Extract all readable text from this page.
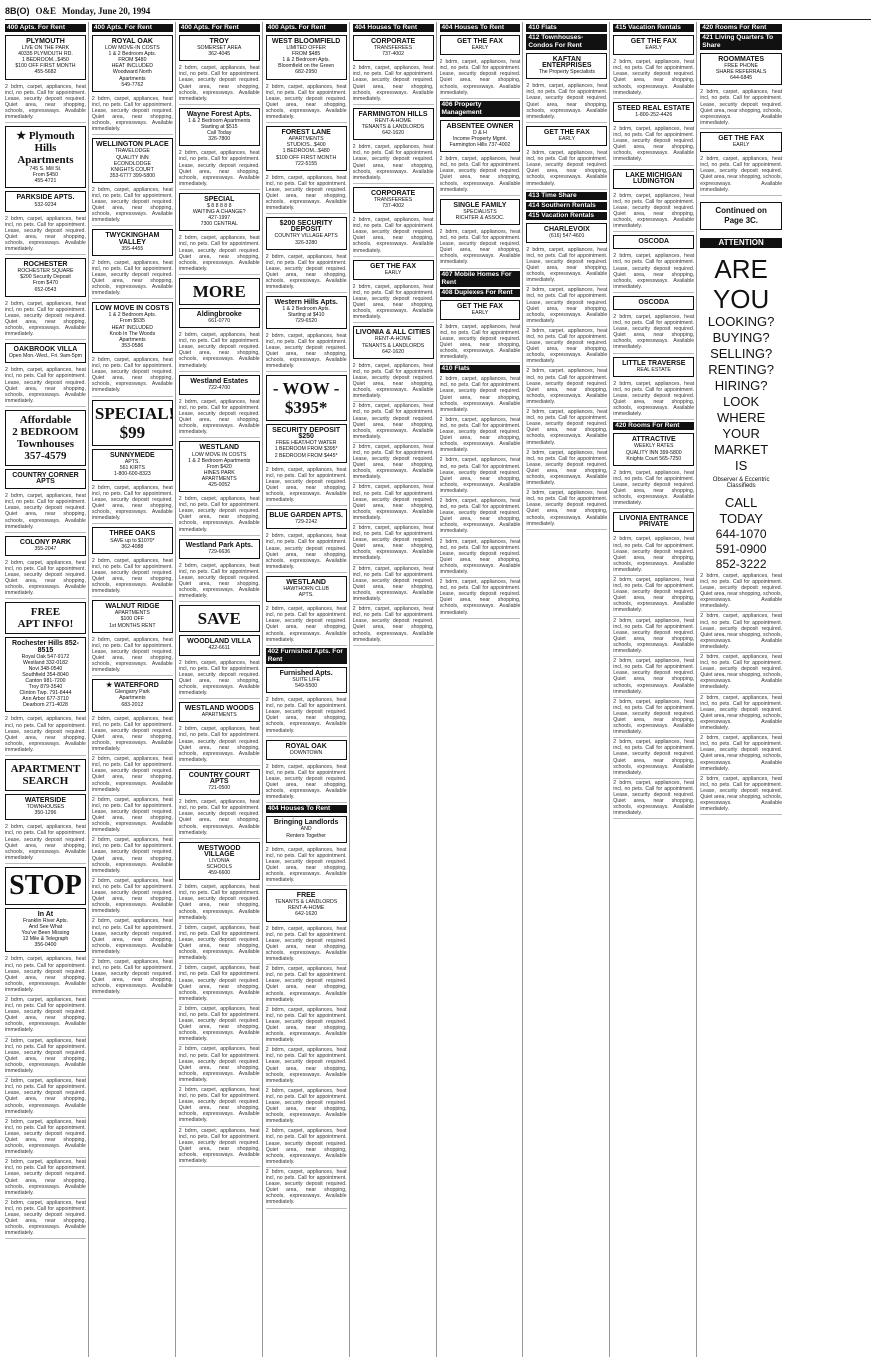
8B(O) O&E Monday, June 20, 1994
400 Apts. For Rent
PLYMOUTH
LIVE ON THE PARK
40335 PLYMOUTH RD.
1 BEDROOM...$450
$100 OFF FIRST MONTH
455-5682
2 bdrm, carpet, appliances, heat incl, no pets. Call for appointment. Lease, security deposit required. Quiet area, near shopping, schools, expressways. Available immediately.
★ Plymouth Hills Apartments
745 S. Mill St.
From $450
455-4721
PARKSIDE APTS.
532-9234
2 bdrm, carpet, appliances, heat incl, no pets. Call for appointment. Lease, security deposit required. Quiet area, near shopping, schools, expressways. Available immediately.
ROCHESTER
ROCHESTER SQUARE
$200 Security Deposit
From $470
652-0543
2 bdrm, carpet, appliances, heat incl, no pets. Call for appointment. Lease, security deposit required. Quiet area, near shopping, schools, expressways. Available immediately.
OAKBROOK VILLA
Open Mon.-Wed., Fri. 9am-5pm
2 bdrm, carpet, appliances, heat incl, no pets. Call for appointment. Lease, security deposit required. Quiet area, near shopping, schools, expressways. Available immediately.
Affordable
2 BEDROOM
Townhouses
357-4579
COUNTRY CORNER APTS
2 bdrm, carpet, appliances, heat incl, no pets. Call for appointment. Lease, security deposit required. Quiet area, near shopping, schools, expressways. Available immediately.
COLONY PARK
355-2047
2 bdrm, carpet, appliances, heat incl, no pets. Call for appointment. Lease, security deposit required. Quiet area, near shopping, schools, expressways. Available immediately.
FREE
APT INFO!
Rochester Hills 852-8515
Royal Oak 547-9172
Westland 332-0182
Novi 348-0540
Southfield 354-8040
Canton 981-7200
Troy 879-3540
Clinton Twp. 791-8444
Ann Arbor 677-3710
Dearborn 271-4028
2 bdrm, carpet, appliances, heat incl, no pets. Call for appointment. Lease, security deposit required. Quiet area, near shopping, schools, expressways. Available immediately.
APARTMENT
SEARCH
WATERSIDE
TOWNHOUSES
350-1296
2 bdrm, carpet, appliances, heat incl, no pets. Call for appointment. Lease, security deposit required. Quiet area, near shopping, schools, expressways. Available immediately.
STOP
In At
Franklin River Apts.
And See What
You've Been Missing
12 Mile & Telegraph
356-0400
2 bdrm, carpet, appliances, heat incl, no pets. Call for appointment. Lease, security deposit required. Quiet area, near shopping, schools, expressways. Available immediately.
2 bdrm, carpet, appliances, heat incl, no pets. Call for appointment. Lease, security deposit required. Quiet area, near shopping, schools, expressways. Available immediately.
2 bdrm, carpet, appliances, heat incl, no pets. Call for appointment. Lease, security deposit required. Quiet area, near shopping, schools, expressways. Available immediately.
2 bdrm, carpet, appliances, heat incl, no pets. Call for appointment. Lease, security deposit required. Quiet area, near shopping, schools, expressways. Available immediately.
2 bdrm, carpet, appliances, heat incl, no pets. Call for appointment. Lease, security deposit required. Quiet area, near shopping, schools, expressways. Available immediately.
2 bdrm, carpet, appliances, heat incl, no pets. Call for appointment. Lease, security deposit required. Quiet area, near shopping, schools, expressways. Available immediately.
2 bdrm, carpet, appliances, heat incl, no pets. Call for appointment. Lease, security deposit required. Quiet area, near shopping, schools, expressways. Available immediately.
400 Apts. For Rent
ROYAL OAK
LOW MOVE-IN COSTS
1 & 2 Bedroom Apts.
FROM $480
HEAT INCLUDED
Woodward North
Apartments
549-7762
2 bdrm, carpet, appliances, heat incl, no pets. Call for appointment. Lease, security deposit required. Quiet area, near shopping, schools, expressways. Available immediately.
WELLINGTON PLACE
TRAVELODGE
QUALITY INN
ECONOLODGE
KNIGHTS COURT
353-6777 399-5800
2 bdrm, carpet, appliances, heat incl, no pets. Call for appointment. Lease, security deposit required. Quiet area, near shopping, schools, expressways. Available immediately.
TWYCKINGHAM VALLEY
355-4455
2 bdrm, carpet, appliances, heat incl, no pets. Call for appointment. Lease, security deposit required. Quiet area, near shopping, schools, expressways. Available immediately.
LOW MOVE IN COSTS
1 & 2 Bedroom Apts.
From $535
HEAT INCLUDED
Knob In The Woods
Apartments
353-0586
2 bdrm, carpet, appliances, heat incl, no pets. Call for appointment. Lease, security deposit required. Quiet area, near shopping, schools, expressways. Available immediately.
SPECIAL!
$99
SUNNYMEDE
APTS.
561 KIRTS
1-800-600-8323
2 bdrm, carpet, appliances, heat incl, no pets. Call for appointment. Lease, security deposit required. Quiet area, near shopping, schools, expressways. Available immediately.
THREE OAKS
SAVE up to $1070*
362-4088
2 bdrm, carpet, appliances, heat incl, no pets. Call for appointment. Lease, security deposit required. Quiet area, near shopping, schools, expressways. Available immediately.
WALNUT RIDGE
APARTMENTS
$100 OFF
1st MONTHS RENT
2 bdrm, carpet, appliances, heat incl, no pets. Call for appointment. Lease, security deposit required. Quiet area, near shopping, schools, expressways. Available immediately.
★ WATERFORD
Glengarry Park
Apartments
683-2012
2 bdrm, carpet, appliances, heat incl, no pets. Call for appointment. Lease, security deposit required. Quiet area, near shopping, schools, expressways. Available immediately.
2 bdrm, carpet, appliances, heat incl, no pets. Call for appointment. Lease, security deposit required. Quiet area, near shopping, schools, expressways. Available immediately.
2 bdrm, carpet, appliances, heat incl, no pets. Call for appointment. Lease, security deposit required. Quiet area, near shopping, schools, expressways. Available immediately.
2 bdrm, carpet, appliances, heat incl, no pets. Call for appointment. Lease, security deposit required. Quiet area, near shopping, schools, expressways. Available immediately.
2 bdrm, carpet, appliances, heat incl, no pets. Call for appointment. Lease, security deposit required. Quiet area, near shopping, schools, expressways. Available immediately.
2 bdrm, carpet, appliances, heat incl, no pets. Call for appointment. Lease, security deposit required. Quiet area, near shopping, schools, expressways. Available immediately.
2 bdrm, carpet, appliances, heat incl, no pets. Call for appointment. Lease, security deposit required. Quiet area, near shopping, schools, expressways. Available immediately.
400 Apts. For Rent
TROY
SOMERSET AREA
362-4045
2 bdrm, carpet, appliances, heat incl, no pets. Call for appointment. Lease, security deposit required. Quiet area, near shopping, schools, expressways. Available immediately.
Wayne Forest Apts.
1 & 2 Bedroom Apartments
Starting at $515
Call Today
326-7800
2 bdrm, carpet, appliances, heat incl, no pets. Call for appointment. Lease, security deposit required. Quiet area, near shopping, schools, expressways. Available immediately.
SPECIAL
$ 8 8 8 8 8
WAITING A CHANGE?
427-1997
7300 CENTRAL
2 bdrm, carpet, appliances, heat incl, no pets. Call for appointment. Lease, security deposit required. Quiet area, near shopping, schools, expressways. Available immediately.
MORE
Aldingbrooke
661-0770
2 bdrm, carpet, appliances, heat incl, no pets. Call for appointment. Lease, security deposit required. Quiet area, near shopping, schools, expressways. Available immediately.
Westland Estates
722-4700
2 bdrm, carpet, appliances, heat incl, no pets. Call for appointment. Lease, security deposit required. Quiet area, near shopping, schools, expressways. Available immediately.
WESTLAND
LOW MOVE IN COSTS
1 & 2 Bedroom Apartments
From $420
HINES PARK
APARTMENTS
425-0052
2 bdrm, carpet, appliances, heat incl, no pets. Call for appointment. Lease, security deposit required. Quiet area, near shopping, schools, expressways. Available immediately.
Westland Park Apts.
729-6636
2 bdrm, carpet, appliances, heat incl, no pets. Call for appointment. Lease, security deposit required. Quiet area, near shopping, schools, expressways. Available immediately.
SAVE
WOODLAND VILLA
422-6611
2 bdrm, carpet, appliances, heat incl, no pets. Call for appointment. Lease, security deposit required. Quiet area, near shopping, schools, expressways. Available immediately.
WESTLAND WOODS
APARTMENTS
2 bdrm, carpet, appliances, heat incl, no pets. Call for appointment. Lease, security deposit required. Quiet area, near shopping, schools, expressways. Available immediately.
COUNTRY COURT APTS
721-0500
2 bdrm, carpet, appliances, heat incl, no pets. Call for appointment. Lease, security deposit required. Quiet area, near shopping, schools, expressways. Available immediately.
WESTWOOD VILLAGE
LIVONIA
SCHOOLS
459-6600
2 bdrm, carpet, appliances, heat incl, no pets. Call for appointment. Lease, security deposit required. Quiet area, near shopping, schools, expressways. Available immediately.
2 bdrm, carpet, appliances, heat incl, no pets. Call for appointment. Lease, security deposit required. Quiet area, near shopping, schools, expressways. Available immediately.
2 bdrm, carpet, appliances, heat incl, no pets. Call for appointment. Lease, security deposit required. Quiet area, near shopping, schools, expressways. Available immediately.
2 bdrm, carpet, appliances, heat incl, no pets. Call for appointment. Lease, security deposit required. Quiet area, near shopping, schools, expressways. Available immediately.
2 bdrm, carpet, appliances, heat incl, no pets. Call for appointment. Lease, security deposit required. Quiet area, near shopping, schools, expressways. Available immediately.
2 bdrm, carpet, appliances, heat incl, no pets. Call for appointment. Lease, security deposit required. Quiet area, near shopping, schools, expressways. Available immediately.
2 bdrm, carpet, appliances, heat incl, no pets. Call for appointment. Lease, security deposit required. Quiet area, near shopping, schools, expressways. Available immediately.
400 Apts. For Rent
WEST BLOOMFIELD
LIMITED OFFER
FROM $485
1 & 2 Bedroom Apts.
Bloomfield on the Green
682-2950
2 bdrm, carpet, appliances, heat incl, no pets. Call for appointment. Lease, security deposit required. Quiet area, near shopping, schools, expressways. Available immediately.
FOREST LANE
APARTMENTS
STUDIOS...$400
1 BEDROOM...$480
$100 OFF FIRST MONTH
722-5155
2 bdrm, carpet, appliances, heat incl, no pets. Call for appointment. Lease, security deposit required. Quiet area, near shopping, schools, expressways. Available immediately.
$200 SECURITY DEPOSIT
COUNTRY VILLAGE APTS
326-3280
2 bdrm, carpet, appliances, heat incl, no pets. Call for appointment. Lease, security deposit required. Quiet area, near shopping, schools, expressways. Available immediately.
Western Hills Apts.
1 & 2 Bedroom Apts.
Starting at $410
729-6520
2 bdrm, carpet, appliances, heat incl, no pets. Call for appointment. Lease, security deposit required. Quiet area, near shopping, schools, expressways. Available immediately.
- WOW -
$395*
SECURITY DEPOSIT $250
FREE HEAT/HOT WATER
1 BEDROOM FROM $395*
2 BEDROOM FROM $445*
2 bdrm, carpet, appliances, heat incl, no pets. Call for appointment. Lease, security deposit required. Quiet area, near shopping, schools, expressways. Available immediately.
BLUE GARDEN APTS.
729-2242
2 bdrm, carpet, appliances, heat incl, no pets. Call for appointment. Lease, security deposit required. Quiet area, near shopping, schools, expressways. Available immediately.
WESTLAND
HAWTHORN CLUB
APTS.
2 bdrm, carpet, appliances, heat incl, no pets. Call for appointment. Lease, security deposit required. Quiet area, near shopping, schools, expressways. Available immediately.
402 Furnished Apts. For Rent
Furnished Apts.
SUITE LIFE
549-5500
2 bdrm, carpet, appliances, heat incl, no pets. Call for appointment. Lease, security deposit required. Quiet area, near shopping, schools, expressways. Available immediately.
ROYAL OAK
DOWNTOWN
2 bdrm, carpet, appliances, heat incl, no pets. Call for appointment. Lease, security deposit required. Quiet area, near shopping, schools, expressways. Available immediately.
404 Houses To Rent
Bringing Landlords
AND
Renters Together
2 bdrm, carpet, appliances, heat incl, no pets. Call for appointment. Lease, security deposit required. Quiet area, near shopping, schools, expressways. Available immediately.
FREE
TENANTS & LANDLORDS
RENT-A-HOME
642-1620
2 bdrm, carpet, appliances, heat incl, no pets. Call for appointment. Lease, security deposit required. Quiet area, near shopping, schools, expressways. Available immediately.
2 bdrm, carpet, appliances, heat incl, no pets. Call for appointment. Lease, security deposit required. Quiet area, near shopping, schools, expressways. Available immediately.
2 bdrm, carpet, appliances, heat incl, no pets. Call for appointment. Lease, security deposit required. Quiet area, near shopping, schools, expressways. Available immediately.
2 bdrm, carpet, appliances, heat incl, no pets. Call for appointment. Lease, security deposit required. Quiet area, near shopping, schools, expressways. Available immediately.
2 bdrm, carpet, appliances, heat incl, no pets. Call for appointment. Lease, security deposit required. Quiet area, near shopping, schools, expressways. Available immediately.
2 bdrm, carpet, appliances, heat incl, no pets. Call for appointment. Lease, security deposit required. Quiet area, near shopping, schools, expressways. Available immediately.
2 bdrm, carpet, appliances, heat incl, no pets. Call for appointment. Lease, security deposit required. Quiet area, near shopping, schools, expressways. Available immediately.
404 Houses To Rent
CORPORATE
TRANSFEREES
737-4002
2 bdrm, carpet, appliances, heat incl, no pets. Call for appointment. Lease, security deposit required. Quiet area, near shopping, schools, expressways. Available immediately.
FARMINGTON HILLS
RENT-A-HOME
TENANTS & LANDLORDS
642-1620
2 bdrm, carpet, appliances, heat incl, no pets. Call for appointment. Lease, security deposit required. Quiet area, near shopping, schools, expressways. Available immediately.
CORPORATE
TRANSFEREES
737-4002
2 bdrm, carpet, appliances, heat incl, no pets. Call for appointment. Lease, security deposit required. Quiet area, near shopping, schools, expressways. Available immediately.
GET THE FAX
EARLY
2 bdrm, carpet, appliances, heat incl, no pets. Call for appointment. Lease, security deposit required. Quiet area, near shopping, schools, expressways. Available immediately.
LIVONIA & ALL CITIES
RENT-A-HOME
TENANTS & LANDLORDS
642-1620
2 bdrm, carpet, appliances, heat incl, no pets. Call for appointment. Lease, security deposit required. Quiet area, near shopping, schools, expressways. Available immediately.
2 bdrm, carpet, appliances, heat incl, no pets. Call for appointment. Lease, security deposit required. Quiet area, near shopping, schools, expressways. Available immediately.
2 bdrm, carpet, appliances, heat incl, no pets. Call for appointment. Lease, security deposit required. Quiet area, near shopping, schools, expressways. Available immediately.
2 bdrm, carpet, appliances, heat incl, no pets. Call for appointment. Lease, security deposit required. Quiet area, near shopping, schools, expressways. Available immediately.
2 bdrm, carpet, appliances, heat incl, no pets. Call for appointment. Lease, security deposit required. Quiet area, near shopping, schools, expressways. Available immediately.
2 bdrm, carpet, appliances, heat incl, no pets. Call for appointment. Lease, security deposit required. Quiet area, near shopping, schools, expressways. Available immediately.
2 bdrm, carpet, appliances, heat incl, no pets. Call for appointment. Lease, security deposit required. Quiet area, near shopping, schools, expressways. Available immediately.
404 Houses To Rent
GET THE FAX
EARLY
2 bdrm, carpet, appliances, heat incl, no pets. Call for appointment. Lease, security deposit required. Quiet area, near shopping, schools, expressways. Available immediately.
406 Property Management
ABSENTEE OWNER
D & H
Income Property Mgmt.
Farmington Hills 737-4002
2 bdrm, carpet, appliances, heat incl, no pets. Call for appointment. Lease, security deposit required. Quiet area, near shopping, schools, expressways. Available immediately.
SINGLE FAMILY
SPECIALISTS
RICHTER & ASSOC.
2 bdrm, carpet, appliances, heat incl, no pets. Call for appointment. Lease, security deposit required. Quiet area, near shopping, schools, expressways. Available immediately.
407 Mobile Homes For Rent
408 Duplexes For Rent
GET THE FAX
EARLY
2 bdrm, carpet, appliances, heat incl, no pets. Call for appointment. Lease, security deposit required. Quiet area, near shopping, schools, expressways. Available immediately.
410 Flats
2 bdrm, carpet, appliances, heat incl, no pets. Call for appointment. Lease, security deposit required. Quiet area, near shopping, schools, expressways. Available immediately.
2 bdrm, carpet, appliances, heat incl, no pets. Call for appointment. Lease, security deposit required. Quiet area, near shopping, schools, expressways. Available immediately.
2 bdrm, carpet, appliances, heat incl, no pets. Call for appointment. Lease, security deposit required. Quiet area, near shopping, schools, expressways. Available immediately.
2 bdrm, carpet, appliances, heat incl, no pets. Call for appointment. Lease, security deposit required. Quiet area, near shopping, schools, expressways. Available immediately.
2 bdrm, carpet, appliances, heat incl, no pets. Call for appointment. Lease, security deposit required. Quiet area, near shopping, schools, expressways. Available immediately.
2 bdrm, carpet, appliances, heat incl, no pets. Call for appointment. Lease, security deposit required. Quiet area, near shopping, schools, expressways. Available immediately.
410 Flats
412 Townhouses-Condos For Rent
KAFTAN ENTERPRISES
The Property Specialists
2 bdrm, carpet, appliances, heat incl, no pets. Call for appointment. Lease, security deposit required. Quiet area, near shopping, schools, expressways. Available immediately.
GET THE FAX
EARLY
2 bdrm, carpet, appliances, heat incl, no pets. Call for appointment. Lease, security deposit required. Quiet area, near shopping, schools, expressways. Available immediately.
413 Time Share
414 Southern Rentals
415 Vacation Rentals
CHARLEVOIX
(616) 547-4601
2 bdrm, carpet, appliances, heat incl, no pets. Call for appointment. Lease, security deposit required. Quiet area, near shopping, schools, expressways. Available immediately.
2 bdrm, carpet, appliances, heat incl, no pets. Call for appointment. Lease, security deposit required. Quiet area, near shopping, schools, expressways. Available immediately.
2 bdrm, carpet, appliances, heat incl, no pets. Call for appointment. Lease, security deposit required. Quiet area, near shopping, schools, expressways. Available immediately.
2 bdrm, carpet, appliances, heat incl, no pets. Call for appointment. Lease, security deposit required. Quiet area, near shopping, schools, expressways. Available immediately.
2 bdrm, carpet, appliances, heat incl, no pets. Call for appointment. Lease, security deposit required. Quiet area, near shopping, schools, expressways. Available immediately.
2 bdrm, carpet, appliances, heat incl, no pets. Call for appointment. Lease, security deposit required. Quiet area, near shopping, schools, expressways. Available immediately.
2 bdrm, carpet, appliances, heat incl, no pets. Call for appointment. Lease, security deposit required. Quiet area, near shopping, schools, expressways. Available immediately.
415 Vacation Rentals
GET THE FAX
EARLY
2 bdrm, carpet, appliances, heat incl, no pets. Call for appointment. Lease, security deposit required. Quiet area, near shopping, schools, expressways. Available immediately.
STEED REAL ESTATE
1-800-252-4426
2 bdrm, carpet, appliances, heat incl, no pets. Call for appointment. Lease, security deposit required. Quiet area, near shopping, schools, expressways. Available immediately.
LAKE MICHIGAN LUDINGTON
2 bdrm, carpet, appliances, heat incl, no pets. Call for appointment. Lease, security deposit required. Quiet area, near shopping, schools, expressways. Available immediately.
OSCODA
2 bdrm, carpet, appliances, heat incl, no pets. Call for appointment. Lease, security deposit required. Quiet area, near shopping, schools, expressways. Available immediately.
OSCODA
2 bdrm, carpet, appliances, heat incl, no pets. Call for appointment. Lease, security deposit required. Quiet area, near shopping, schools, expressways. Available immediately.
LITTLE TRAVERSE
REAL ESTATE
2 bdrm, carpet, appliances, heat incl, no pets. Call for appointment. Lease, security deposit required. Quiet area, near shopping, schools, expressways. Available immediately.
420 Rooms For Rent
ATTRACTIVE
WEEKLY RATES
QUALITY INN 399-5800
Knights Court 565-7250
2 bdrm, carpet, appliances, heat incl, no pets. Call for appointment. Lease, security deposit required. Quiet area, near shopping, schools, expressways. Available immediately.
LIVONIA ENTRANCE PRIVATE
2 bdrm, carpet, appliances, heat incl, no pets. Call for appointment. Lease, security deposit required. Quiet area, near shopping, schools, expressways. Available immediately.
2 bdrm, carpet, appliances, heat incl, no pets. Call for appointment. Lease, security deposit required. Quiet area, near shopping, schools, expressways. Available immediately.
2 bdrm, carpet, appliances, heat incl, no pets. Call for appointment. Lease, security deposit required. Quiet area, near shopping, schools, expressways. Available immediately.
2 bdrm, carpet, appliances, heat incl, no pets. Call for appointment. Lease, security deposit required. Quiet area, near shopping, schools, expressways. Available immediately.
2 bdrm, carpet, appliances, heat incl, no pets. Call for appointment. Lease, security deposit required. Quiet area, near shopping, schools, expressways. Available immediately.
2 bdrm, carpet, appliances, heat incl, no pets. Call for appointment. Lease, security deposit required. Quiet area, near shopping, schools, expressways. Available immediately.
2 bdrm, carpet, appliances, heat incl, no pets. Call for appointment. Lease, security deposit required. Quiet area, near shopping, schools, expressways. Available immediately.
420 Rooms For Rent
421 Living Quarters To Share
ROOMMATES
FREE PHONE
SHARE REFERRALS
644-6845
2 bdrm, carpet, appliances, heat incl, no pets. Call for appointment. Lease, security deposit required. Quiet area, near shopping, schools, expressways. Available immediately.
GET THE FAX
EARLY
2 bdrm, carpet, appliances, heat incl, no pets. Call for appointment. Lease, security deposit required. Quiet area, near shopping, schools, expressways. Available immediately.
Continued on
Page 3C.
ATTENTION
ARE
YOU
LOOKING?
BUYING?
SELLING?
RENTING?
HIRING?
LOOK
WHERE
YOUR
MARKET
IS
Observer & Eccentric Classifieds
CALL
TODAY
644-1070
591-0900
852-3222
2 bdrm, carpet, appliances, heat incl, no pets. Call for appointment. Lease, security deposit required. Quiet area, near shopping, schools, expressways. Available immediately.
2 bdrm, carpet, appliances, heat incl, no pets. Call for appointment. Lease, security deposit required. Quiet area, near shopping, schools, expressways. Available immediately.
2 bdrm, carpet, appliances, heat incl, no pets. Call for appointment. Lease, security deposit required. Quiet area, near shopping, schools, expressways. Available immediately.
2 bdrm, carpet, appliances, heat incl, no pets. Call for appointment. Lease, security deposit required. Quiet area, near shopping, schools, expressways. Available immediately.
2 bdrm, carpet, appliances, heat incl, no pets. Call for appointment. Lease, security deposit required. Quiet area, near shopping, schools, expressways. Available immediately.
2 bdrm, carpet, appliances, heat incl, no pets. Call for appointment. Lease, security deposit required. Quiet area, near shopping, schools, expressways. Available immediately.
